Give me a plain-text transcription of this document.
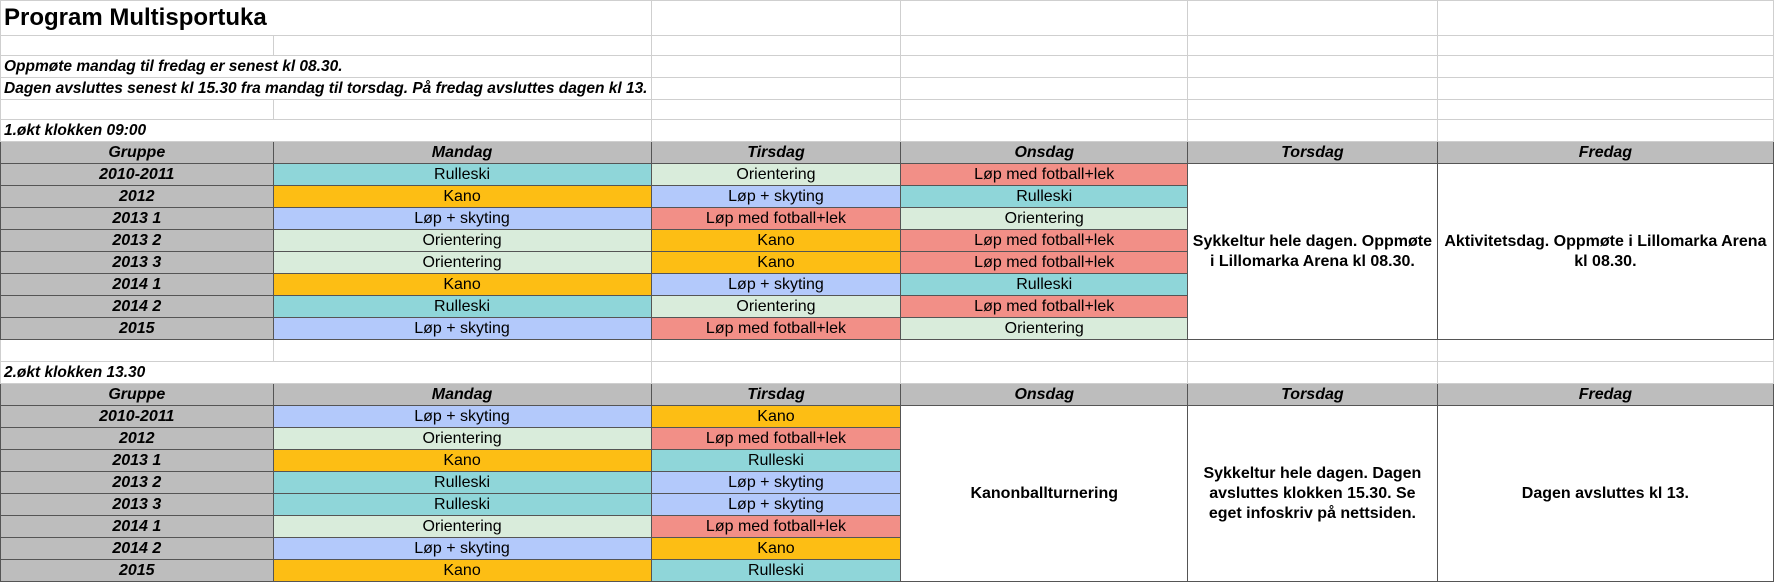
Program Multisportuka					

Oppmøte mandag til fredag er senest kl 08.30.					
Dagen avsluttes senest kl 15.30 fra mandag til torsdag. På fredag avsluttes dagen kl 13.					

1.økt klokken 09:00					
Gruppe	Mandag	Tirsdag	Onsdag	Torsdag	Fredag
2010-2011	Rulleski	Orientering	Løp med fotball+lek	Sykkeltur hele dagen. Oppmøte i Lillomarka Arena kl 08.30.	Aktivitetsdag. Oppmøte i Lillomarka Arena kl 08.30.
2012	Kano	Løp + skyting	Rulleski		
2013 1	Løp + skyting	Løp med fotball+lek	Orientering		
2013 2	Orientering	Kano	Løp med fotball+lek		
2013 3	Orientering	Kano	Løp med fotball+lek		
2014 1	Kano	Løp + skyting	Rulleski		
2014 2	Rulleski	Orientering	Løp med fotball+lek		
2015	Løp + skyting	Løp med fotball+lek	Orientering		

2.økt klokken 13.30					
Gruppe	Mandag	Tirsdag	Onsdag	Torsdag	Fredag
2010-2011	Løp + skyting	Kano	Kanonballturnering	Sykkeltur hele dagen. Dagen avsluttes klokken 15.30. Se eget infoskriv på nettsiden.	Dagen avsluttes kl 13.
2012	Orientering	Løp med fotball+lek			
2013 1	Kano	Rulleski			
2013 2	Rulleski	Løp + skyting			
2013 3	Rulleski	Løp + skyting			
2014 1	Orientering	Løp med fotball+lek			
2014 2	Løp + skyting	Kano			
2015	Kano	Rulleski			
